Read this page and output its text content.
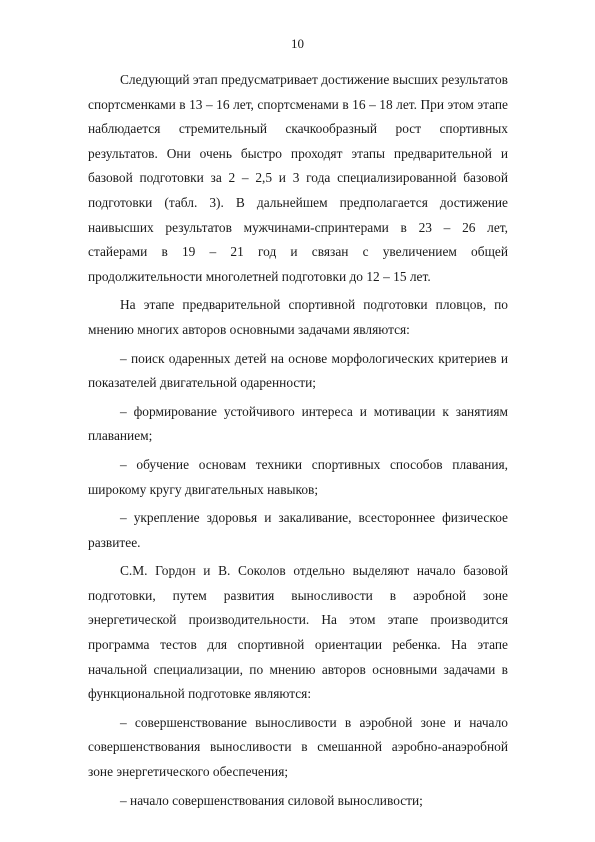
10

Следующий этап предусматривает достижение высших результатов спортсменками в 13 – 16 лет, спортсменами в 16 – 18 лет. При этом этапе наблюдается стремительный скачкообразный рост спортивных результатов. Они очень быстро проходят этапы предварительной и базовой подготовки за 2 – 2,5 и 3 года специализированной базовой подготовки (табл. 3). В дальнейшем предполагается достижение наивысших результатов мужчинами-спринтерами в 23 – 26 лет, стайерами в 19 – 21 год и связан с увеличением общей продолжительности многолетней подготовки до 12 – 15 лет.

На этапе предварительной спортивной подготовки пловцов, по мнению многих авторов основными задачами являются:

– поиск одаренных детей на основе морфологических критериев и показателей двигательной одаренности;

– формирование устойчивого интереса и мотивации к занятиям плаванием;

– обучение основам техники спортивных способов плавания, широкому кругу двигательных навыков;

– укрепление здоровья и закаливание, всестороннее физическое развитее.

С.М. Гордон и В. Соколов отдельно выделяют начало базовой подготовки, путем развития выносливости в аэробной зоне энергетической производительности. На этом этапе производится программа тестов для спортивной ориентации ребенка. На этапе начальной специализации, по мнению авторов основными задачами в функциональной подготовке являются:

– совершенствование выносливости в аэробной зоне и начало совершенствования выносливости в смешанной аэробно-анаэробной зоне энергетического обеспечения;

– начало совершенствования силовой выносливости;
